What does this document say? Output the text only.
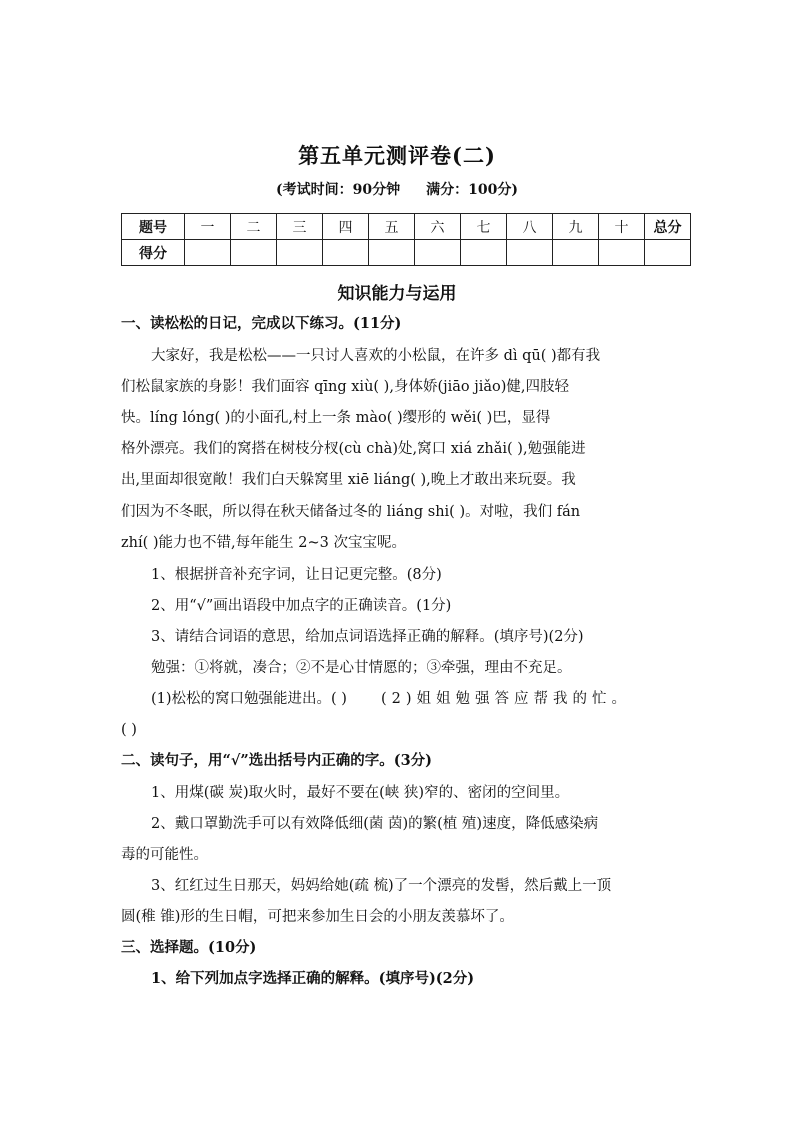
第五单元测评卷(二)
(考试时间：90分钟 满分：100分)
题号	一	二	三	四	五	六	七	八	九	十	总分
得分											
知识能力与运用
一、读松松的日记，完成以下练习。(11分)
大家好，我是松松——一只讨人喜欢的小松鼠，在许多 dì qū( )都有我
们松鼠家族的身影！我们面容 qīng xiù( ),身体娇(jiāo jiǎo)健,四肢轻
快。líng lóng( )的小面孔,村上一条 mào( )缨形的 wěi( )巴，显得
格外漂亮。我们的窝搭在树枝分杈(cù chà)处,窝口 xiá zhǎi( ),勉强能进
出,里面却很宽敞！我们白天躲窝里 xiē liáng( ),晚上才敢出来玩耍。我
们因为不冬眠，所以得在秋天储备过冬的 liáng shi( )。对啦，我们 fán
zhí( )能力也不错,每年能生 2~3 次宝宝呢。
1、根据拼音补充字词，让日记更完整。(8分)
2、用“√”画出语段中加点字的正确读音。(1分)
3、请结合词语的意思，给加点词语选择正确的解释。(填序号)(2分)
勉强：①将就，凑合；②不是心甘情愿的；③牵强，理由不充足。
(1)松松的窝口勉强能进出。( ) (2)姐姐勉强答应帮我的忙。
( )
二、读句子，用“√”选出括号内正确的字。(3分)
1、用煤(碳 炭)取火时，最好不要在(峡 狭)窄的、密闭的空间里。
2、戴口罩勤洗手可以有效降低细(菌 茵)的繁(植 殖)速度，降低感染病
毒的可能性。
3、红红过生日那天，妈妈给她(疏 梳)了一个漂亮的发髻，然后戴上一顶
圆(稚 锥)形的生日帽，可把来参加生日会的小朋友羡慕坏了。
三、选择题。(10分)
1、给下列加点字选择正确的解释。(填序号)(2分)
